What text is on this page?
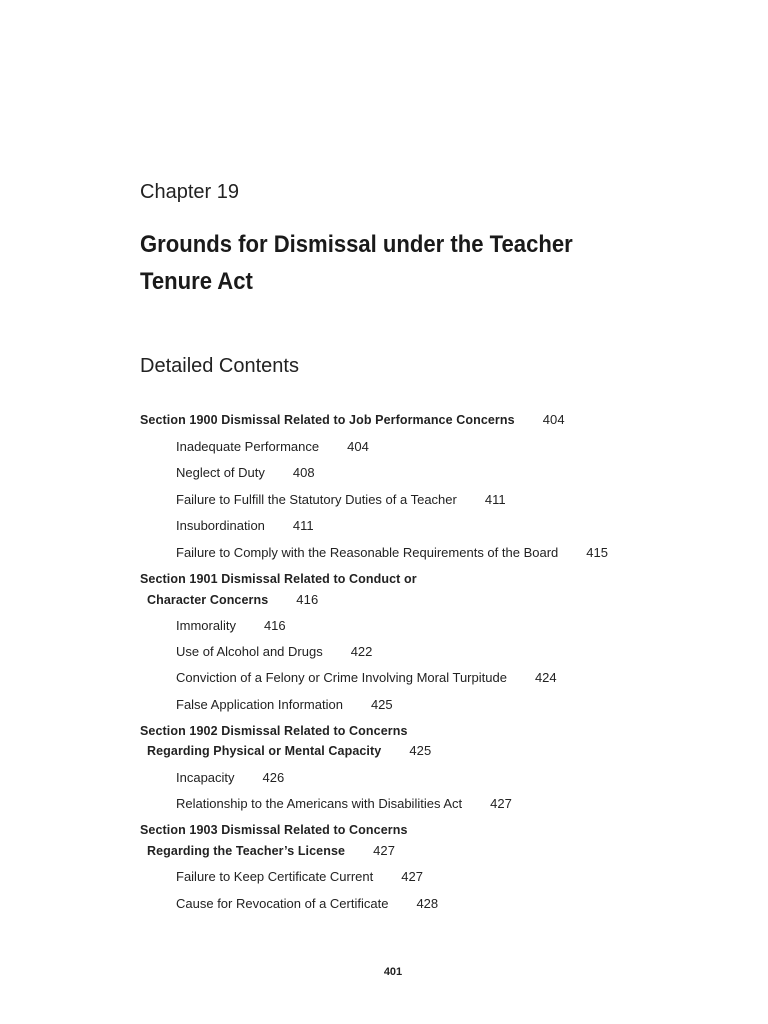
Chapter 19
Grounds for Dismissal under the Teacher Tenure Act
Detailed Contents
Section 1900 Dismissal Related to Job Performance Concerns 404
Inadequate Performance 404
Neglect of Duty 408
Failure to Fulfill the Statutory Duties of a Teacher 411
Insubordination 411
Failure to Comply with the Reasonable Requirements of the Board 415
Section 1901 Dismissal Related to Conduct or
Character Concerns 416
Immorality 416
Use of Alcohol and Drugs 422
Conviction of a Felony or Crime Involving Moral Turpitude 424
False Application Information 425
Section 1902 Dismissal Related to Concerns
Regarding Physical or Mental Capacity 425
Incapacity 426
Relationship to the Americans with Disabilities Act 427
Section 1903 Dismissal Related to Concerns
Regarding the Teacher’s License 427
Failure to Keep Certificate Current 427
Cause for Revocation of a Certificate 428
401
